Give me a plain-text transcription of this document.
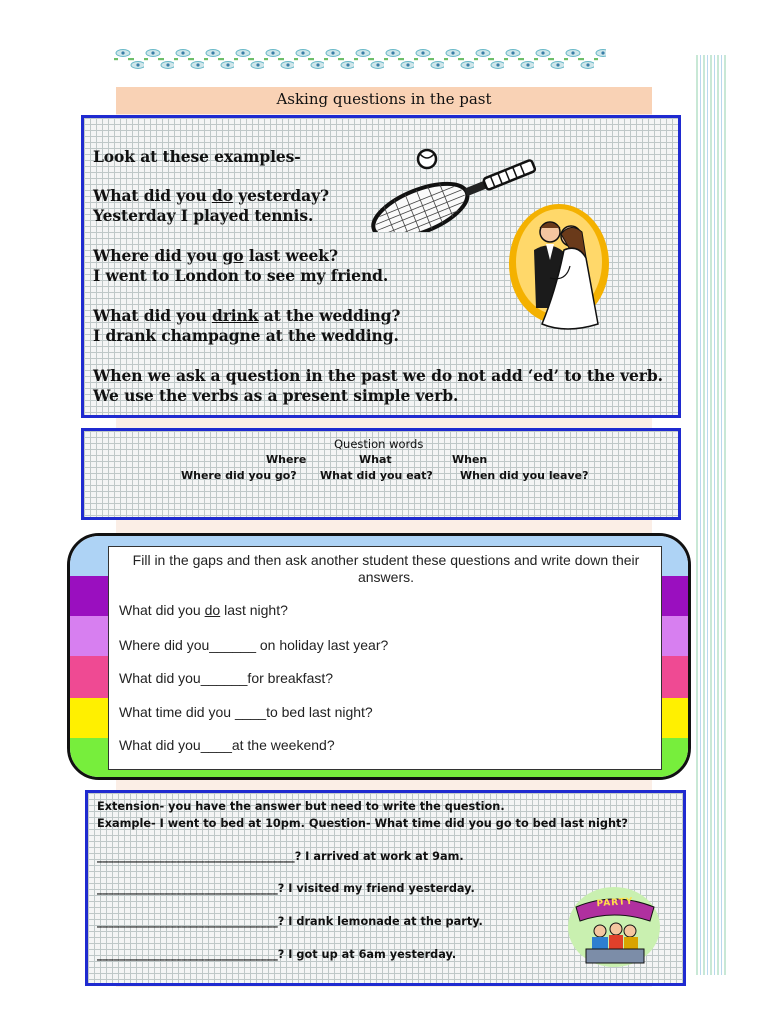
Asking questions in the past
Look at these examples-
What did you do yesterday?
Yesterday I played tennis.
Where did you go last week?
I went to London to see my friend.
What did you drink at the wedding?
I drank champagne at the wedding.
When we ask a question in the past we do not add ‘ed’ to the verb.
We use the verbs as a present simple verb.
Question words
Where	What	When
Where did you go? What did you eat? When did you leave?
Fill in the gaps and then ask another student these questions and write down their answers.
What did you do last night?
Where did you______ on holiday last year?
What did you______for breakfast?
What time did you ____to bed last night?
What did you____at the weekend?
Extension- you have the answer but need to write the question.
Example- I went to bed at 10pm. Question- What time did you go to bed last night?
___________________________________? I arrived at work at 9am.
________________________________? I visited my friend yesterday.
________________________________? I drank lemonade at the party.
________________________________? I got up at 6am yesterday.
PARTY
